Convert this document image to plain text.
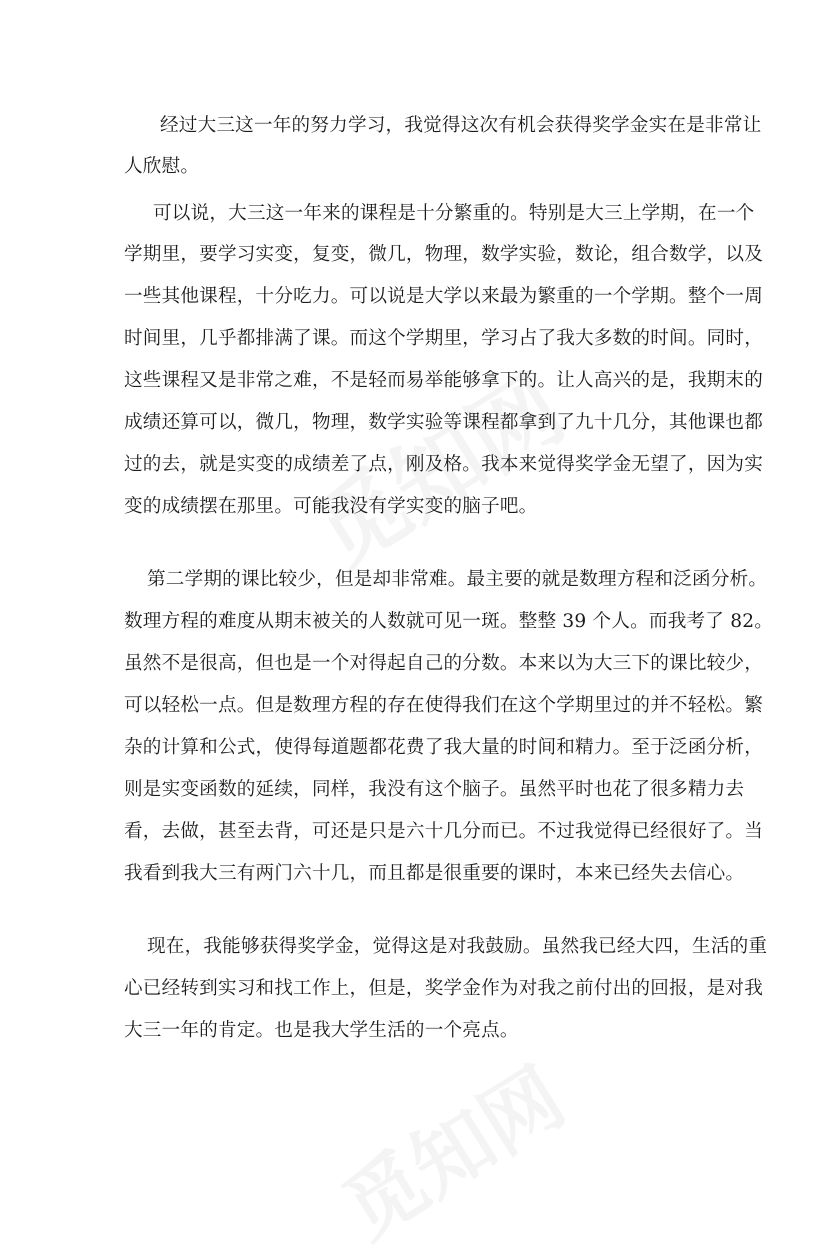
经过大三这一年的努力学习，我觉得这次有机会获得奖学金实在是非常让
人欣慰。
可以说，大三这一年来的课程是十分繁重的。特别是大三上学期，在一个
学期里，要学习实变，复变，微几，物理，数学实验，数论，组合数学，以及
一些其他课程，十分吃力。可以说是大学以来最为繁重的一个学期。整个一周
时间里，几乎都排满了课。而这个学期里，学习占了我大多数的时间。同时，
这些课程又是非常之难，不是轻而易举能够拿下的。让人高兴的是，我期末的
成绩还算可以，微几，物理，数学实验等课程都拿到了九十几分，其他课也都
过的去，就是实变的成绩差了点，刚及格。我本来觉得奖学金无望了，因为实
变的成绩摆在那里。可能我没有学实变的脑子吧。
第二学期的课比较少，但是却非常难。最主要的就是数理方程和泛函分析。
数理方程的难度从期末被关的人数就可见一斑。整整 39 个人。而我考了 82。
虽然不是很高，但也是一个对得起自己的分数。本来以为大三下的课比较少，
可以轻松一点。但是数理方程的存在使得我们在这个学期里过的并不轻松。繁
杂的计算和公式，使得每道题都花费了我大量的时间和精力。至于泛函分析，
则是实变函数的延续，同样，我没有这个脑子。虽然平时也花了很多精力去
看，去做，甚至去背，可还是只是六十几分而已。不过我觉得已经很好了。当
我看到我大三有两门六十几，而且都是很重要的课时，本来已经失去信心。
现在，我能够获得奖学金，觉得这是对我鼓励。虽然我已经大四，生活的重
心已经转到实习和找工作上，但是，奖学金作为对我之前付出的回报，是对我
大三一年的肯定。也是我大学生活的一个亮点。
